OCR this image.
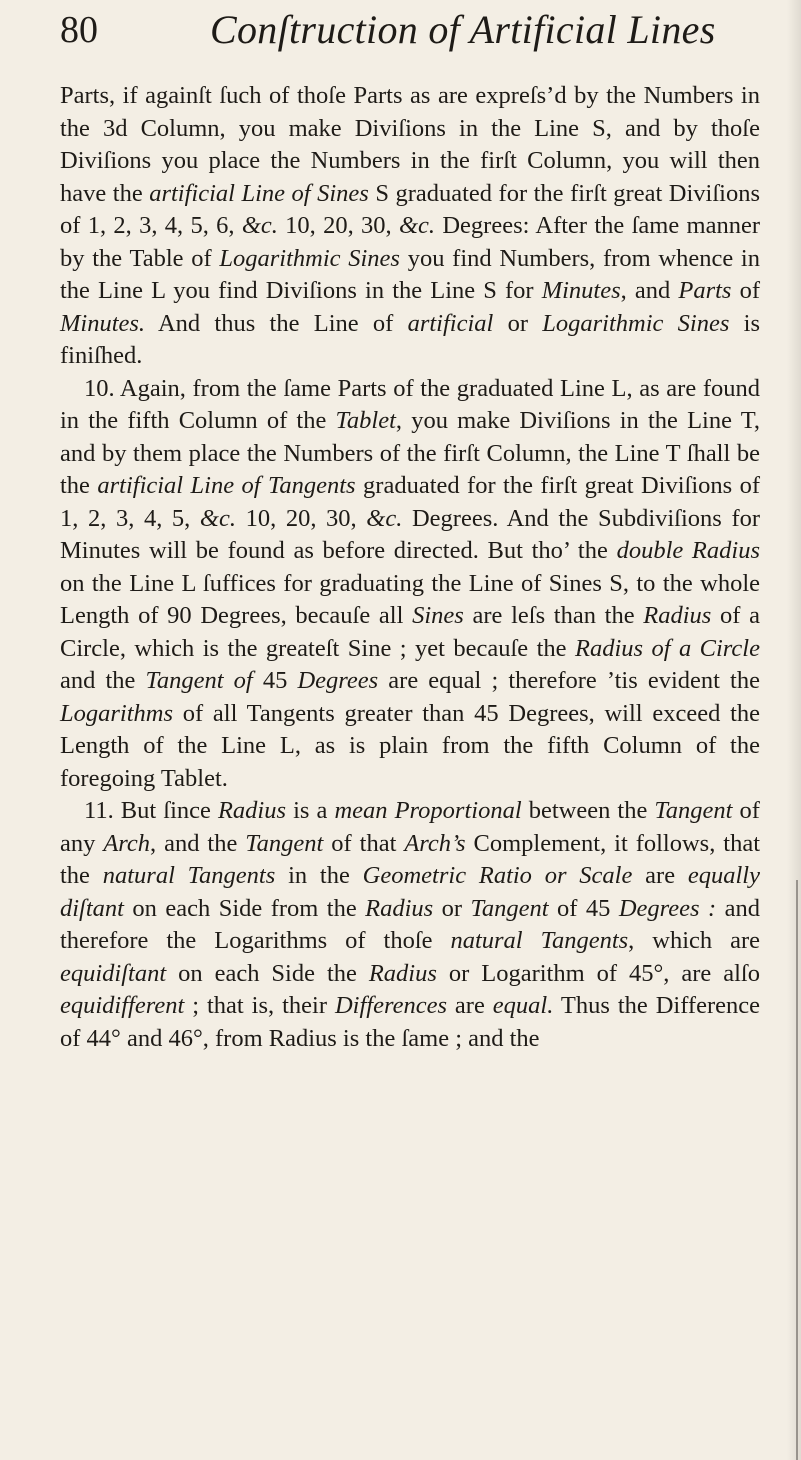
80	Conſtruction of Artificial Lines

Parts, if againſt ſuch of thoſe Parts as are expreſs’d by the Numbers in the 3d Column, you make Diviſions in the Line S, and by thoſe Diviſions you place the Numbers in the firſt Column, you will then have the artificial Line of Sines S graduated for the firſt great Diviſions of 1, 2, 3, 4, 5, 6, &c. 10, 20, 30, &c. Degrees: After the ſame manner by the Table of Logarithmic Sines you find Numbers, from whence in the Line L you find Diviſions in the Line S for Minutes, and Parts of Minutes. And thus the Line of artificial or Logarithmic Sines is finiſhed.

10. Again, from the ſame Parts of the graduated Line L, as are found in the fifth Column of the Tablet, you make Diviſions in the Line T, and by them place the Numbers of the firſt Column, the Line T ſhall be the artificial Line of Tangents graduated for the firſt great Diviſions of 1, 2, 3, 4, 5, &c. 10, 20, 30, &c. Degrees. And the Subdiviſions for Minutes will be found as before directed. But tho’ the double Radius on the Line L ſuffices for graduating the Line of Sines S, to the whole Length of 90 Degrees, becauſe all Sines are leſs than the Radius of a Circle, which is the greateſt Sine ; yet becauſe the Radius of a Circle and the Tangent of 45 Degrees are equal ; therefore ’tis evident the Logarithms of all Tangents greater than 45 Degrees, will exceed the Length of the Line L, as is plain from the fifth Column of the foregoing Tablet.

11. But ſince Radius is a mean Proportional between the Tangent of any Arch, and the Tangent of that Arch’s Complement, it follows, that the natural Tangents in the Geometric Ratio or Scale are equally diſtant on each Side from the Radius or Tangent of 45 Degrees : and therefore the Logarithms of thoſe natural Tangents, which are equidiſtant on each Side the Radius or Logarithm of 45°, are alſo equidifferent ; that is, their Differences are equal. Thus the Difference of 44° and 46°, from Radius is the ſame ; and the
